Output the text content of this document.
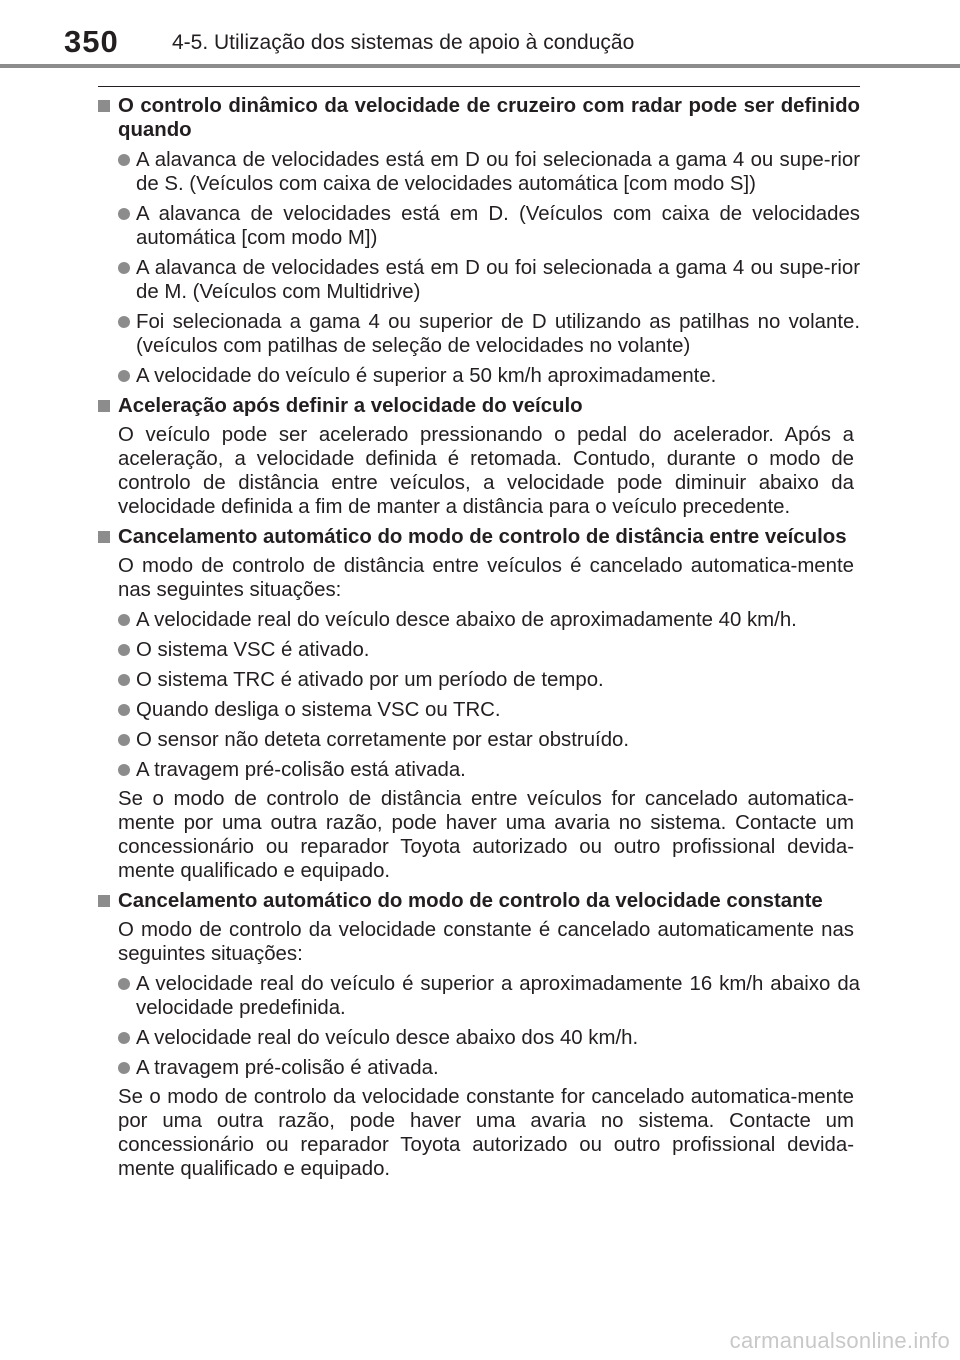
350	4-5. Utilização dos sistemas de apoio à condução
O controlo dinâmico da velocidade de cruzeiro com radar pode ser definido quando
A alavanca de velocidades está em D ou foi selecionada a gama 4 ou supe-rior de S. (Veículos com caixa de velocidades automática [com modo S])
A alavanca de velocidades está em D. (Veículos com caixa de velocidades automática [com modo M])
A alavanca de velocidades está em D ou foi selecionada a gama 4 ou supe-rior de M. (Veículos com Multidrive)
Foi selecionada a gama 4 ou superior de D utilizando as patilhas no volante. (veículos com patilhas de seleção de velocidades no volante)
A velocidade do veículo é superior a 50 km/h aproximadamente.
Aceleração após definir a velocidade do veículo
O veículo pode ser acelerado pressionando o pedal do acelerador. Após a aceleração, a velocidade definida é retomada. Contudo, durante o modo de controlo de distância entre veículos, a velocidade pode diminuir abaixo da velocidade definida a fim de manter a distância para o veículo precedente.
Cancelamento automático do modo de controlo de distância entre veículos
O modo de controlo de distância entre veículos é cancelado automatica-mente nas seguintes situações:
A velocidade real do veículo desce abaixo de aproximadamente 40 km/h.
O sistema VSC é ativado.
O sistema TRC é ativado por um período de tempo.
Quando desliga o sistema VSC ou TRC.
O sensor não deteta corretamente por estar obstruído.
A travagem pré-colisão está ativada.
Se o modo de controlo de distância entre veículos for cancelado automatica-mente por uma outra razão, pode haver uma avaria no sistema. Contacte um concessionário ou reparador Toyota autorizado ou outro profissional devida-mente qualificado e equipado.
Cancelamento automático do modo de controlo da velocidade constante
O modo de controlo da velocidade constante é cancelado automaticamente nas seguintes situações:
A velocidade real do veículo é superior a aproximadamente 16 km/h abaixo da velocidade predefinida.
A velocidade real do veículo desce abaixo dos 40 km/h.
A travagem pré-colisão é ativada.
Se o modo de controlo da velocidade constante for cancelado automatica-mente por uma outra razão, pode haver uma avaria no sistema. Contacte um concessionário ou reparador Toyota autorizado ou outro profissional devida-mente qualificado e equipado.
carmanualsonline.info
